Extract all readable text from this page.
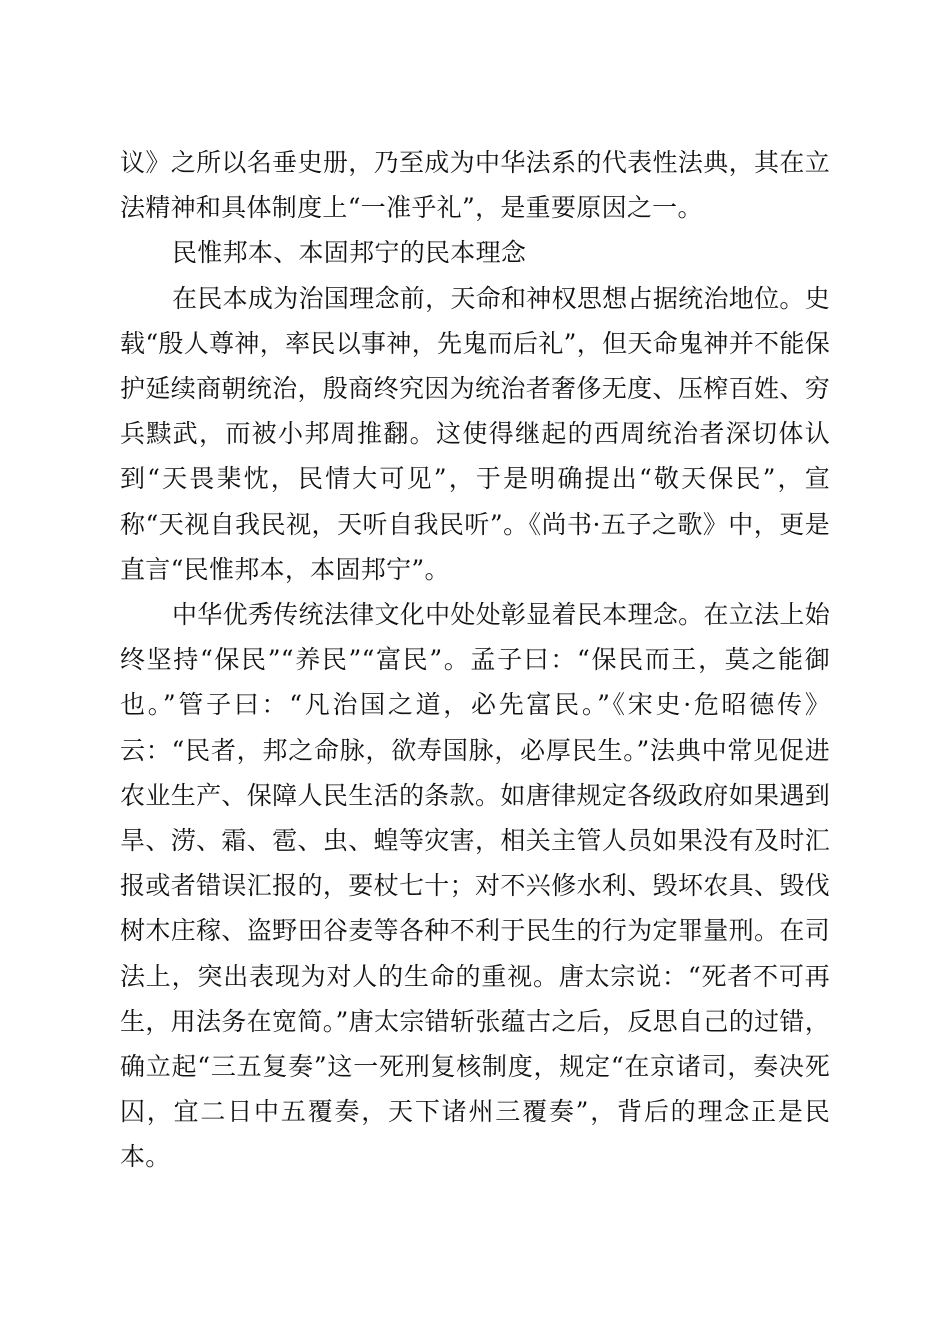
议》之所以名垂史册，乃至成为中华法系的代表性法典，其在立法精神和具体制度上“一准乎礼”，是重要原因之一。

民惟邦本、本固邦宁的民本理念

在民本成为治国理念前，天命和神权思想占据统治地位。史载“殷人尊神，率民以事神，先鬼而后礼”，但天命鬼神并不能保护延续商朝统治，殷商终究因为统治者奢侈无度、压榨百姓、穷兵黩武，而被小邦周推翻。这使得继起的西周统治者深切体认到“天畏棐忱，民情大可见”，于是明确提出“敬天保民”，宣称“天视自我民视，天听自我民听”。《尚书·五子之歌》中，更是直言“民惟邦本，本固邦宁”。

中华优秀传统法律文化中处处彰显着民本理念。在立法上始终坚持“保民”“养民”“富民”。孟子曰：“保民而王，莫之能御也。”管子曰：“凡治国之道，必先富民。”《宋史·危昭德传》云：“民者，邦之命脉，欲寿国脉，必厚民生。”法典中常见促进农业生产、保障人民生活的条款。如唐律规定各级政府如果遇到旱、涝、霜、雹、虫、蝗等灾害，相关主管人员如果没有及时汇报或者错误汇报的，要杖七十；对不兴修水利、毁坏农具、毁伐树木庄稼、盗野田谷麦等各种不利于民生的行为定罪量刑。在司法上，突出表现为对人的生命的重视。唐太宗说：“死者不可再生，用法务在宽简。”唐太宗错斩张蕴古之后，反思自己的过错，确立起“三五复奏”这一死刑复核制度，规定“在京诸司，奏决死囚，宜二日中五覆奏，天下诸州三覆奏”，背后的理念正是民本。
